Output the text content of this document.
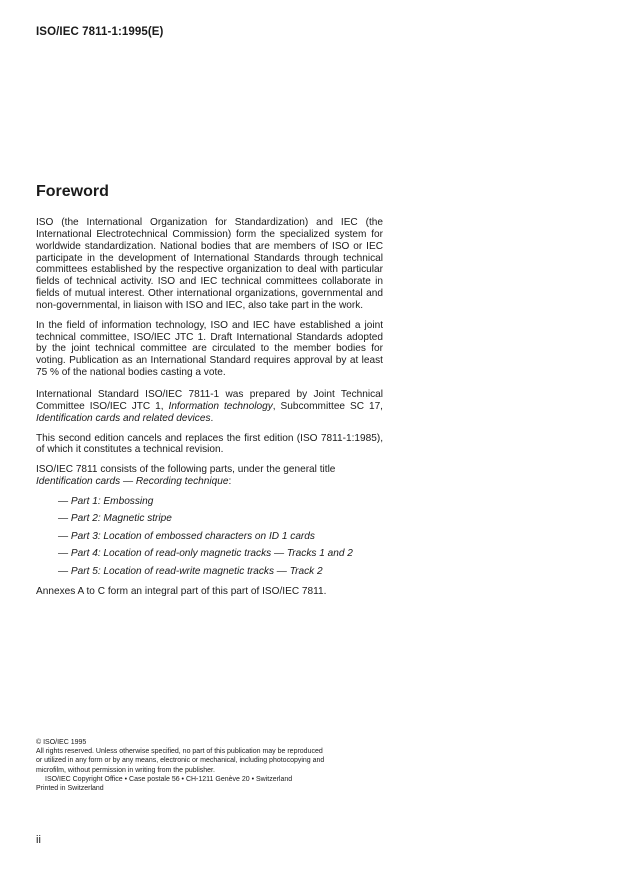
ISO/IEC 7811-1:1995(E)
Foreword

ISO (the International Organization for Standardization) and IEC (the International Electrotechnical Commission) form the specialized system for worldwide standardization. National bodies that are members of ISO or IEC participate in the development of International Standards through technical committees established by the respective organization to deal with particular fields of technical activity. ISO and IEC technical committees collaborate in fields of mutual interest. Other international organizations, governmental and non-governmental, in liaison with ISO and IEC, also take part in the work.

In the field of information technology, ISO and IEC have established a joint technical committee, ISO/IEC JTC 1. Draft International Standards adopted by the joint technical committee are circulated to the member bodies for voting. Publication as an International Standard requires approval by at least 75 % of the national bodies casting a vote.

International Standard ISO/IEC 7811-1 was prepared by Joint Technical Committee ISO/IEC JTC 1, Information technology, Subcommittee SC 17, Identification cards and related devices.

This second edition cancels and replaces the first edition (ISO 7811-1:1985), of which it constitutes a technical revision.

ISO/IEC 7811 consists of the following parts, under the general title Identification cards — Recording technique:

— Part 1: Embossing
— Part 2: Magnetic stripe
— Part 3: Location of embossed characters on ID 1 cards
— Part 4: Location of read-only magnetic tracks — Tracks 1 and 2
— Part 5: Location of read-write magnetic tracks — Track 2

Annexes A to C form an integral part of this part of ISO/IEC 7811.

© ISO/IEC 1995
All rights reserved. Unless otherwise specified, no part of this publication may be reproduced
or utilized in any form or by any means, electronic or mechanical, including photocopying and
microfilm, without permission in writing from the publisher.
ISO/IEC Copyright Office • Case postale 56 • CH-1211 Genève 20 • Switzerland
Printed in Switzerland
ii
